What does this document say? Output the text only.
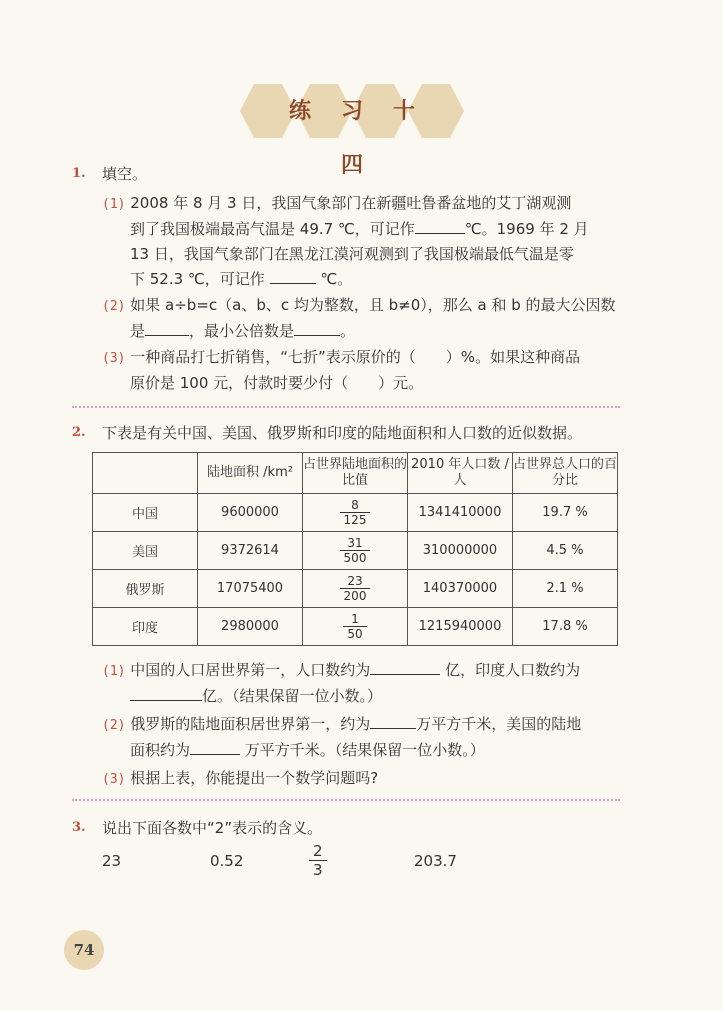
练习十四
1. 填空。
(1) 2008 年 8 月 3 日，我国气象部门在新疆吐鲁番盆地的艾丁湖观测
到了我国极端最高气温是 49.7 ℃，可记作	℃。1969 年 2 月
13 日，我国气象部门在黑龙江漠河观测到了我国极端最低气温是零
下 52.3 ℃，可记作	℃。
(2) 如果 a÷b=c（a、b、c 均为整数，且 b≠0），那么 a 和 b 的最大公因数
是	，最小公倍数是	。
(3) 一种商品打七折销售，“七折”表示原价的（　　）%。如果这种商品
原价是 100 元，付款时要少付（　　）元。
2. 下表是有关中国、美国、俄罗斯和印度的陆地面积和人口数的近似数据。
	陆地面积 /km²	占世界陆地面积的比值	2010 年人口数 / 人	占世界总人口的百分比
中国	9600000	$\frac{8}{125}$	1341410000	19.7 %
美国	9372614	$\frac{31}{500}$	310000000	4.5 %
俄罗斯	17075400	$\frac{23}{200}$	140370000	2.1 %
印度	2980000	$\frac{1}{50}$	1215940000	17.8 %
(1) 中国的人口居世界第一，人口数约为	亿，印度人口数约为
亿。（结果保留一位小数。）
(2) 俄罗斯的陆地面积居世界第一，约为	万平方千米，美国的陆地
面积约为	万平方千米。（结果保留一位小数。）
(3) 根据上表，你能提出一个数学问题吗?
3. 说出下面各数中“2”表示的含义。
23	0.52	$\frac{2}{3}$	203.7
74
